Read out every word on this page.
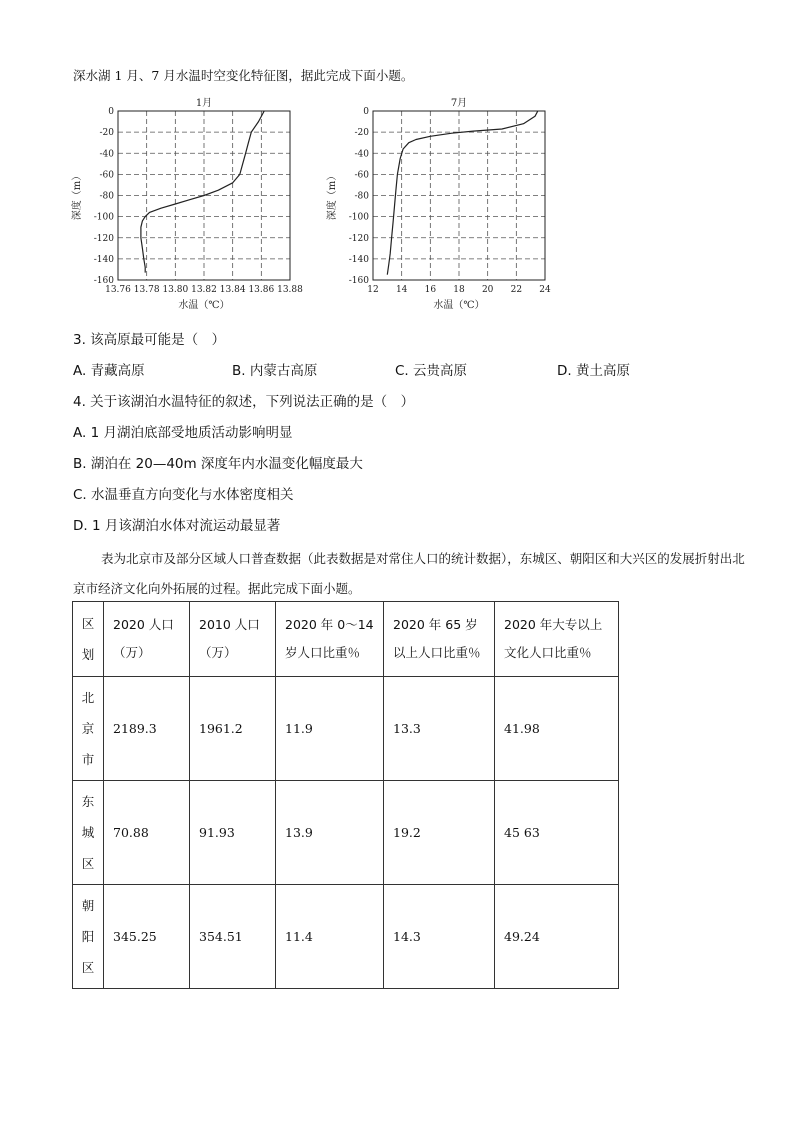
深水湖 1 月、7 月水温时空变化特征图，据此完成下面小题。
1月
13.76 13.78 13.80 13.82 13.84 13.86 13.88
0
-20
-40
-60
-80
-100
-120
-140
-160
水温（℃）
深度（m）
7月
12 14 16 18 20 22 24
0
-20
-40
-60
-80
-100
-120
-140
-160
水温（℃）
深度（m）
3. 该高原最可能是（　）
A. 青藏高原	B. 内蒙古高原	C. 云贵高原	D. 黄土高原
4. 关于该湖泊水温特征的叙述，下列说法正确的是（　）
A. 1 月湖泊底部受地质活动影响明显
B. 湖泊在 20—40m 深度年内水温变化幅度最大
C. 水温垂直方向变化与水体密度相关
D. 1 月该湖泊水体对流运动最显著
表为北京市及部分区域人口普查数据（此表数据是对常住人口的统计数据），东城区、朝阳区和大兴区的发展折射出北京市经济文化向外拓展的过程。据此完成下面小题。
区划	2020 人口（万）	2010 人口（万）	2020 年 0～14 岁人口比重％	2020 年 65 岁以上人口比重％	2020 年大专以上文化人口比重％
北京市	2189.3	1961.2	11.9	13.3	41.98
东城区	70.88	91.93	13.9	19.2	45 63
朝阳区	345.25	354.51	11.4	14.3	49.24
